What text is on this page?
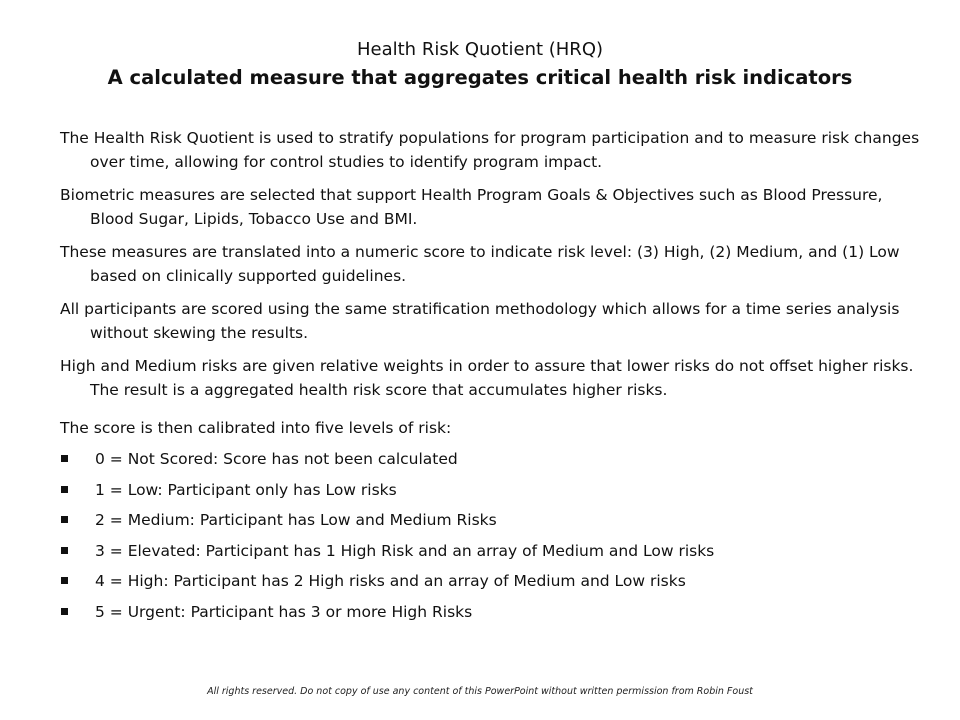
Health Risk Quotient (HRQ)
A calculated measure that aggregates critical health risk indicators

The Health Risk Quotient is used to stratify populations for program participation and to measure risk changes over time, allowing for control studies to identify program impact.

Biometric measures are selected that support Health Program Goals & Objectives such as Blood Pressure, Blood Sugar, Lipids, Tobacco Use and BMI.

These measures are translated into a numeric score to indicate risk level: (3) High, (2) Medium, and (1) Low based on clinically supported guidelines.

All participants are scored using the same stratification methodology which allows for a time series analysis without skewing the results.

High and Medium risks are given relative weights in order to assure that lower risks do not offset higher risks. The result is a aggregated health risk score that accumulates higher risks.

The score is then calibrated into five levels of risk:

0 = Not Scored: Score has not been calculated
1 = Low: Participant only has Low risks
2 = Medium: Participant has Low and Medium Risks
3 = Elevated: Participant has 1 High Risk and an array of Medium and Low risks
4 = High: Participant has 2 High risks and an array of Medium and Low risks
5 = Urgent: Participant has 3 or more High Risks
All rights reserved. Do not copy of use any content of this PowerPoint without written permission from Robin Foust
